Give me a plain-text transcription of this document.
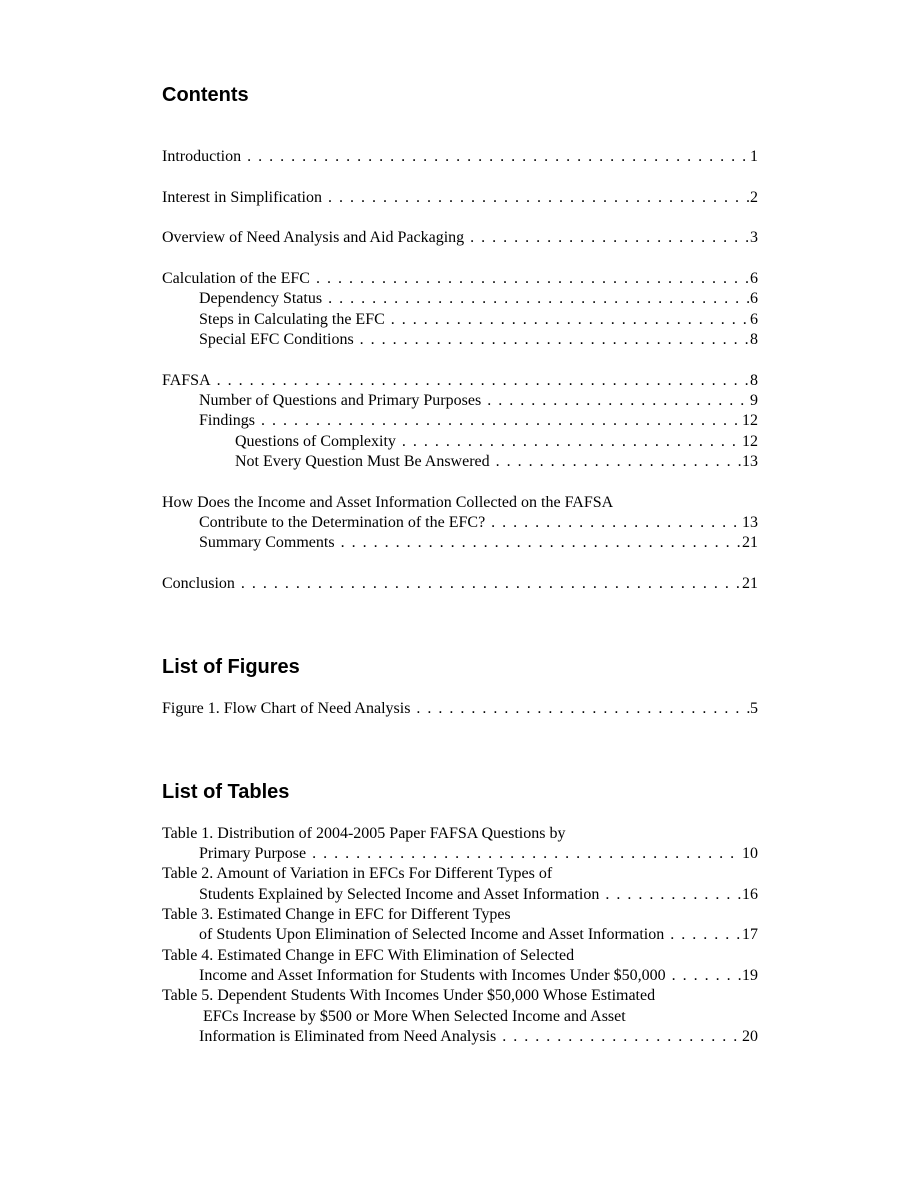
Contents
Introduction . . .	1
Interest in Simplification . . .	2
Overview of Need Analysis and Aid Packaging . . .	3
Calculation of the EFC . . .	6
Dependency Status . . .	6
Steps in Calculating the EFC . . .	6
Special EFC Conditions . . .	8
FAFSA . . .	8
Number of Questions and Primary Purposes . . .	9
Findings . . .	12
Questions of Complexity . . .	12
Not Every Question Must Be Answered . . .	13
How Does the Income and Asset Information Collected on the FAFSA
Contribute to the Determination of the EFC? . . .	13
Summary Comments . . .	21
Conclusion . . .	21
List of Figures
Figure 1. Flow Chart of Need Analysis . . .	5
List of Tables
Table 1. Distribution of 2004-2005 Paper FAFSA Questions by
Primary Purpose . . .	10
Table 2. Amount of Variation in EFCs For Different Types of
Students Explained by Selected Income and Asset Information . . .	16
Table 3. Estimated Change in EFC for Different Types
of Students Upon Elimination of Selected Income and Asset Information . . .	17
Table 4. Estimated Change in EFC With Elimination of Selected
Income and Asset Information for Students with Incomes Under $50,000 . . .	19
Table 5. Dependent Students With Incomes Under $50,000 Whose Estimated
EFCs Increase by $500 or More When Selected Income and Asset
Information is Eliminated from Need Analysis . . .	20
